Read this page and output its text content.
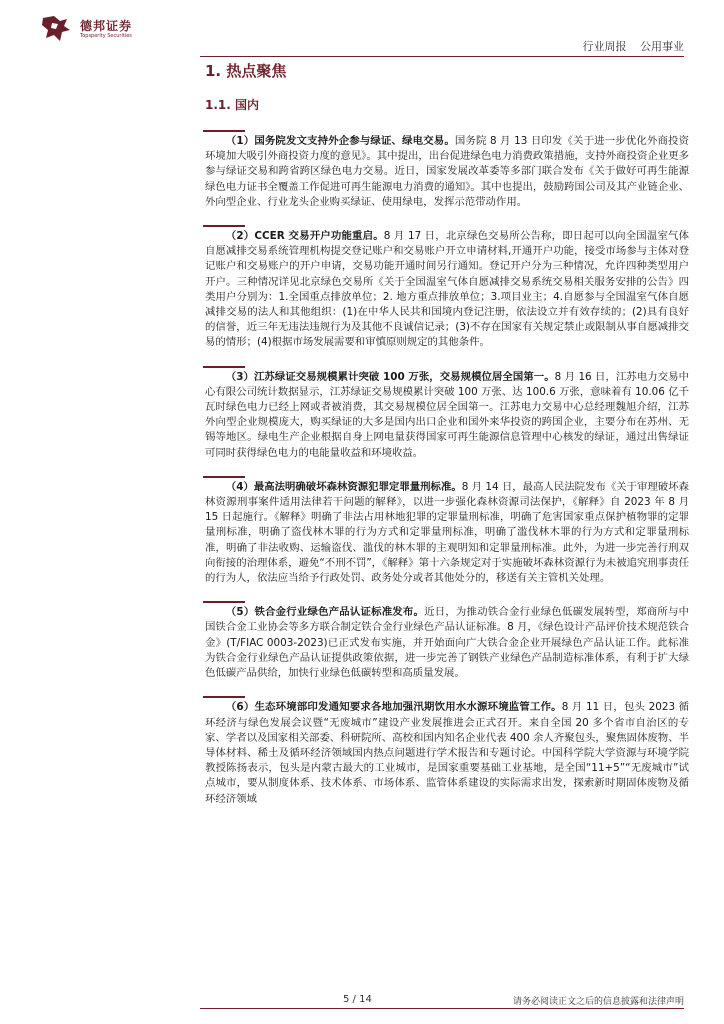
德邦证券
Topsperity Securities
行业周报 公用事业
1. 热点聚焦
1.1. 国内
（1）国务院发文支持外企参与绿证、绿电交易。国务院 8 月 13 日印发《关于进一步优化外商投资环境加大吸引外商投资力度的意见》。其中提出，出台促进绿色电力消费政策措施，支持外商投资企业更多参与绿证交易和跨省跨区绿色电力交易。近日，国家发展改革委等多部门联合发布《关于做好可再生能源绿色电力证书全覆盖工作促进可再生能源电力消费的通知》。其中也提出，鼓励跨国公司及其产业链企业、外向型企业、行业龙头企业购买绿证、使用绿电，发挥示范带动作用。
（2）CCER 交易开户功能重启。8 月 17 日，北京绿色交易所公告称，即日起可以向全国温室气体自愿减排交易系统管理机构提交登记账户和交易账户开立申请材料,开通开户功能，接受市场参与主体对登记账户和交易账户的开户申请，交易功能开通时间另行通知。登记开户分为三种情况，允许四种类型用户开户。三种情况详见北京绿色交易所《关于全国温室气体自愿减排交易系统交易相关服务安排的公告》四类用户分别为：1.全国重点排放单位；2. 地方重点排放单位；3.项目业主；4.自愿参与全国温室气体自愿减排交易的法人和其他组织：(1)在中华人民共和国境内登记注册，依法设立并有效存续的；(2)具有良好的信誉，近三年无违法违规行为及其他不良诚信记录；(3)不存在国家有关规定禁止或限制从事自愿减排交易的情形；(4)根据市场发展需要和审慎原则规定的其他条件。
（3）江苏绿证交易规模累计突破 100 万张，交易规模位居全国第一。8 月 16 日，江苏电力交易中心有限公司统计数据显示，江苏绿证交易规模累计突破 100 万张、达 100.6 万张，意味着有 10.06 亿千瓦时绿色电力已经上网或者被消费，其交易规模位居全国第一。江苏电力交易中心总经理魏旭介绍，江苏外向型企业规模庞大，购买绿证的大多是国内出口企业和国外来华投资的跨国企业，主要分布在苏州、无锡等地区。绿电生产企业根据自身上网电量获得国家可再生能源信息管理中心核发的绿证，通过出售绿证可同时获得绿色电力的电能量收益和环境收益。
（4）最高法明确破坏森林资源犯罪定罪量刑标准。8 月 14 日，最高人民法院发布《关于审理破坏森林资源刑事案件适用法律若干问题的解释》，以进一步强化森林资源司法保护，《解释》自 2023 年 8 月 15 日起施行。《解释》明确了非法占用林地犯罪的定罪量刑标准，明确了危害国家重点保护植物罪的定罪量刑标准，明确了盗伐林木罪的行为方式和定罪量刑标准，明确了滥伐林木罪的行为方式和定罪量刑标准，明确了非法收购、运输盗伐、滥伐的林木罪的主观明知和定罪量刑标准。此外，为进一步完善行刑双向衔接的治理体系，避免“不刑不罚”，《解释》第十六条规定对于实施破坏森林资源行为未被追究刑事责任的行为人，依法应当给予行政处罚、政务处分或者其他处分的，移送有关主管机关处理。
（5）铁合金行业绿色产品认证标准发布。近日，为推动铁合金行业绿色低碳发展转型，郑商所与中国铁合金工业协会等多方联合制定铁合金行业绿色产品认证标准。8 月，《绿色设计产品评价技术规范铁合金》(T/FIAC 0003-2023)已正式发布实施，并开始面向广大铁合金企业开展绿色产品认证工作。此标准为铁合金行业绿色产品认证提供政策依据，进一步完善了钢铁产业绿色产品制造标准体系，有利于扩大绿色低碳产品供给，加快行业绿色低碳转型和高质量发展。
（6）生态环境部印发通知要求各地加强汛期饮用水水源环境监管工作。8 月 11 日，包头 2023 循环经济与绿色发展会议暨“无废城市”建设产业发展推进会正式召开。来自全国 20 多个省市自治区的专家、学者以及国家相关部委、科研院所、高校和国内知名企业代表 400 余人齐聚包头，聚焦固体废物、半导体材料、稀土及循环经济领域国内热点问题进行学术报告和专题讨论。中国科学院大学资源与环境学院教授陈扬表示，包头是内蒙古最大的工业城市，是国家重要基础工业基地，是全国“11+5”“无废城市”试点城市，要从制度体系、技术体系、市场体系、监管体系建设的实际需求出发，探索新时期固体废物及循环经济领域
5 / 14	请务必阅读正文之后的信息披露和法律声明
